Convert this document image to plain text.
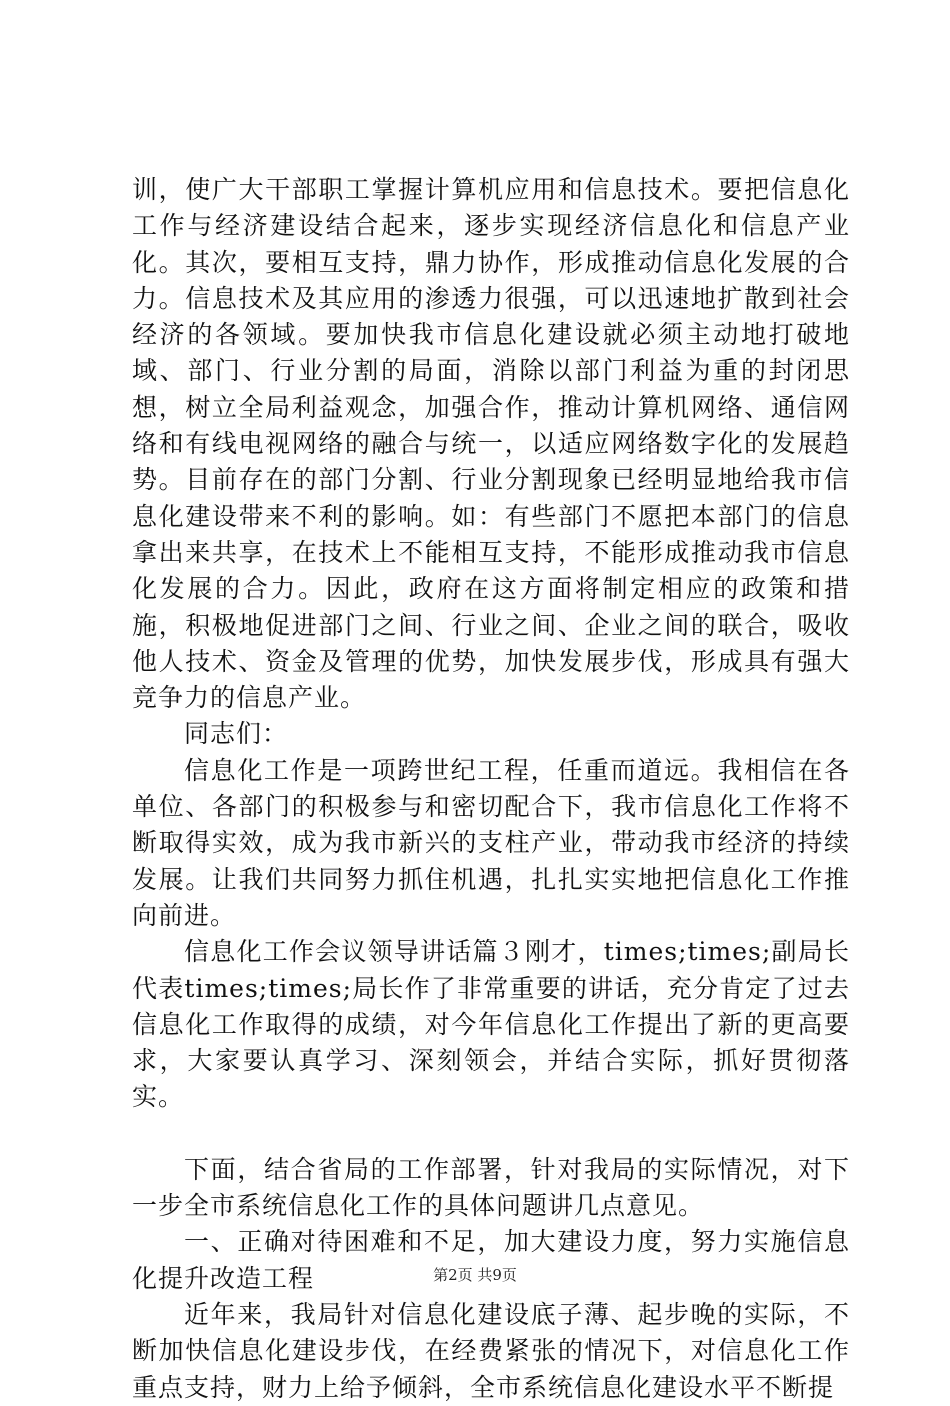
训，使广大干部职工掌握计算机应用和信息技术。要把信息化工作与经济建设结合起来，逐步实现经济信息化和信息产业化。其次，要相互支持，鼎力协作，形成推动信息化发展的合力。信息技术及其应用的渗透力很强，可以迅速地扩散到社会经济的各领域。要加快我市信息化建设就必须主动地打破地域、部门、行业分割的局面，消除以部门利益为重的封闭思想，树立全局利益观念，加强合作，推动计算机网络、通信网络和有线电视网络的融合与统一，以适应网络数字化的发展趋势。目前存在的部门分割、行业分割现象已经明显地给我市信息化建设带来不利的影响。如：有些部门不愿把本部门的信息拿出来共享，在技术上不能相互支持，不能形成推动我市信息化发展的合力。因此，政府在这方面将制定相应的政策和措施，积极地促进部门之间、行业之间、企业之间的联合，吸收他人技术、资金及管理的优势，加快发展步伐，形成具有强大竞争力的信息产业。

同志们：

信息化工作是一项跨世纪工程，任重而道远。我相信在各单位、各部门的积极参与和密切配合下，我市信息化工作将不断取得实效，成为我市新兴的支柱产业，带动我市经济的持续发展。让我们共同努力抓住机遇，扎扎实实地把信息化工作推向前进。

信息化工作会议领导讲话篇３刚才，times;times;副局长代表times;times;局长作了非常重要的讲话，充分肯定了过去信息化工作取得的成绩，对今年信息化工作提出了新的更高要求，大家要认真学习、深刻领会，并结合实际，抓好贯彻落实。

下面，结合省局的工作部署，针对我局的实际情况，对下一步全市系统信息化工作的具体问题讲几点意见。

一、正确对待困难和不足，加大建设力度，努力实施信息化提升改造工程

近年来，我局针对信息化建设底子薄、起步晚的实际，不断加快信息化建设步伐，在经费紧张的情况下，对信息化工作重点支持，财力上给予倾斜，全市系统信息化建设水平不断提

第2页 共9页
